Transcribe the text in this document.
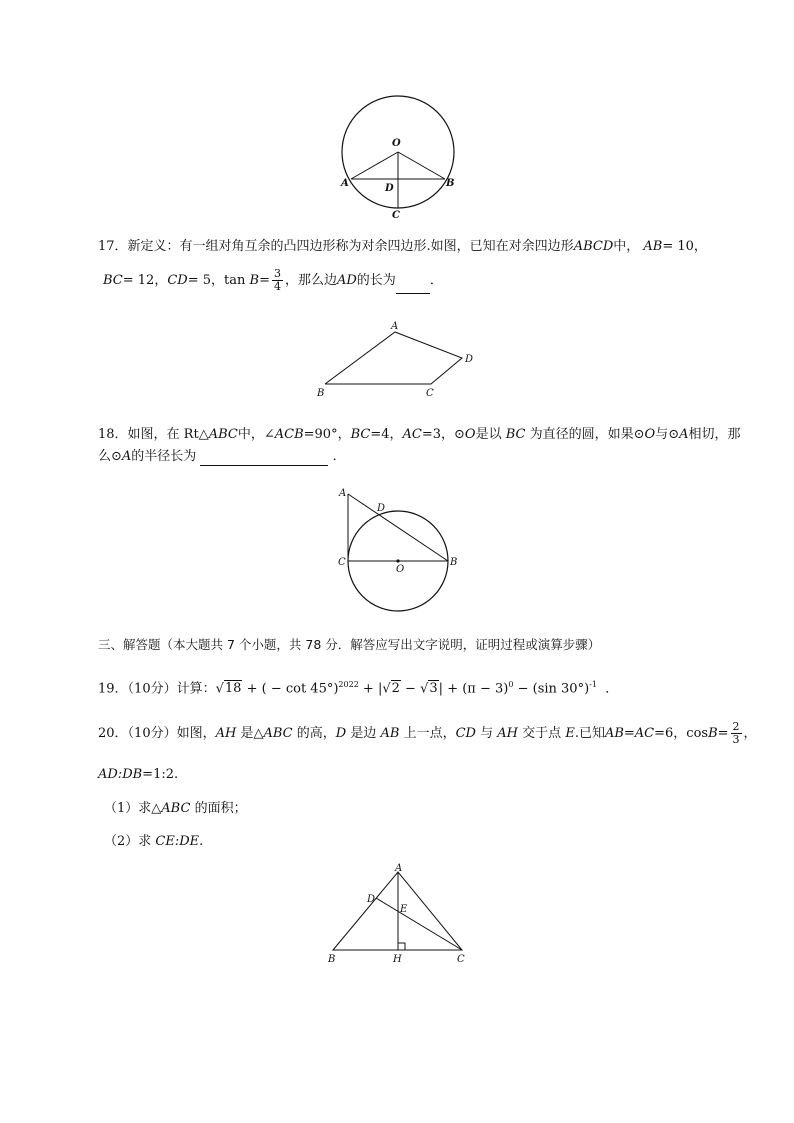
O
A	B
D
C
17．新定义：有一组对角互余的凸四边形称为对余四边形.如图，已知在对余四边形ABCD中， AB= 10，
BC= 12，CD= 5，$\tan B= \frac{3}{4}$ ，那么边AD的长为	．
A
D
B	C
18．如图，在 Rt△ABC中，∠ACB=90°，BC=4，AC=3，⊙O是以 BC 为直径的圆，如果⊙O与⊙A相切，那
么⊙A的半径长为	．
A
D
C
O
B
三、解答题（本大题共 7 个小题，共 78 分．解答应写出文字说明，证明过程或演算步骤）
19．（10分）计算：√18 + ( − $\cot 45^\circ)^{2022} + |√2 - √3| + (\pi - 3)^0 - (\sin$ 30°)$^{-1}$ ．
20．（10分）如图，AH 是△ABC 的高，D 是边 AB 上一点，CD 与 AH 交于点 E.已知AB=AC=6，$\cos B= \frac{2}{3}$ ，
AD:DB=1:2.
（1）求△ABC 的面积；
（2）求 CE:DE.
A
D
E
B	H	C
